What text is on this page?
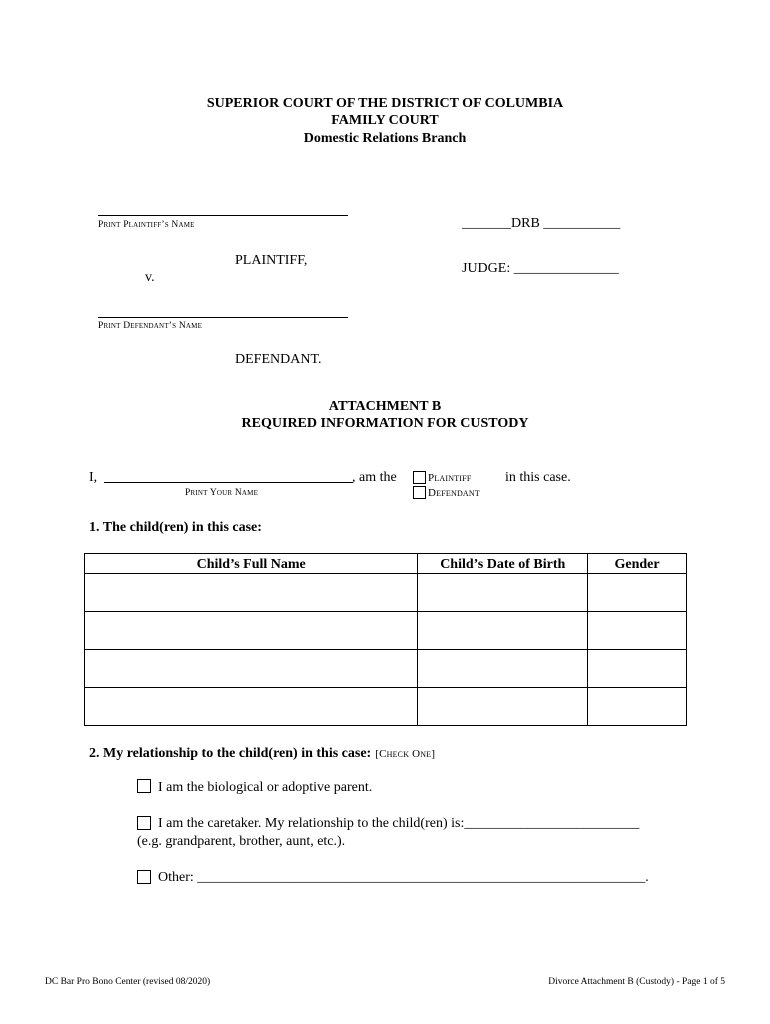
SUPERIOR COURT OF THE DISTRICT OF COLUMBIA
FAMILY COURT
Domestic Relations Branch
Print Plaintiff’s Name
PLAINTIFF,
v.
_______DRB ___________
JUDGE: _______________
Print Defendant’s Name
DEFENDANT.
ATTACHMENT B
REQUIRED INFORMATION FOR CUSTODY
I,	, am the
Print Your Name
Plaintiff
Defendant
in this case.
1. The child(ren) in this case:
Child’s Full Name	Child’s Date of Birth	Gender

2. My relationship to the child(ren) in this case: [Check One]
I am the biological or adoptive parent.
I am the caretaker. My relationship to the child(ren) is:_________________________
(e.g. grandparent, brother, aunt, etc.).
Other: ________________________________________________________________.
DC Bar Pro Bono Center (revised 08/2020)	Divorce Attachment B (Custody) - Page 1 of 5
